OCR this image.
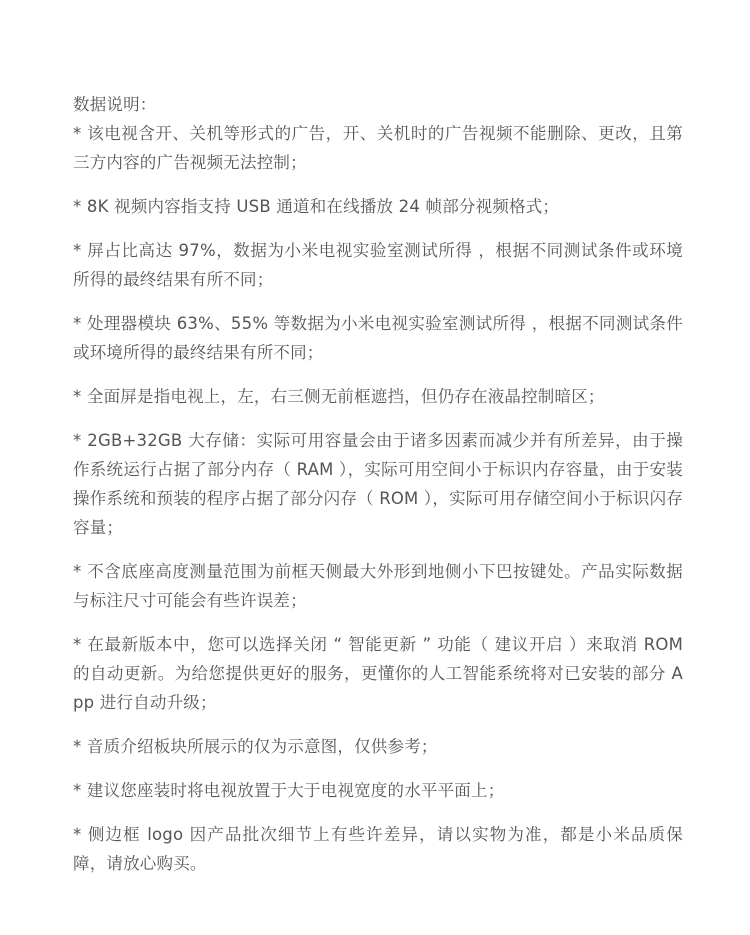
数据说明：
* 该电视含开、关机等形式的广告，开、关机时的广告视频不能删除、更改，且第三方内容的广告视频无法控制；
* 8K 视频内容指支持 USB 通道和在线播放 24 帧部分视频格式；
* 屏占比高达 97%，数据为小米电视实验室测试所得 ，根据不同测试条件或环境所得的最终结果有所不同；
* 处理器模块 63%、55% 等数据为小米电视实验室测试所得 ，根据不同测试条件或环境所得的最终结果有所不同；
* 全面屏是指电视上，左，右三侧无前框遮挡，但仍存在液晶控制暗区；
* 2GB+32GB 大存储：实际可用容量会由于诸多因素而减少并有所差异，由于操作系统运行占据了部分内存（ RAM ），实际可用空间小于标识内存容量，由于安装操作系统和预装的程序占据了部分闪存（ ROM ），实际可用存储空间小于标识闪存容量；
* 不含底座高度测量范围为前框天侧最大外形到地侧小下巴按键处。产品实际数据与标注尺寸可能会有些许误差；
* 在最新版本中，您可以选择关闭 “ 智能更新 ” 功能（ 建议开启 ）来取消 ROM 的自动更新。为给您提供更好的服务，更懂你的人工智能系统将对已安装的部分 App 进行自动升级；
* 音质介绍板块所展示的仅为示意图，仅供参考；
* 建议您座装时将电视放置于大于电视宽度的水平平面上；
* 侧边框 logo 因产品批次细节上有些许差异，请以实物为准，都是小米品质保障，请放心购买。
